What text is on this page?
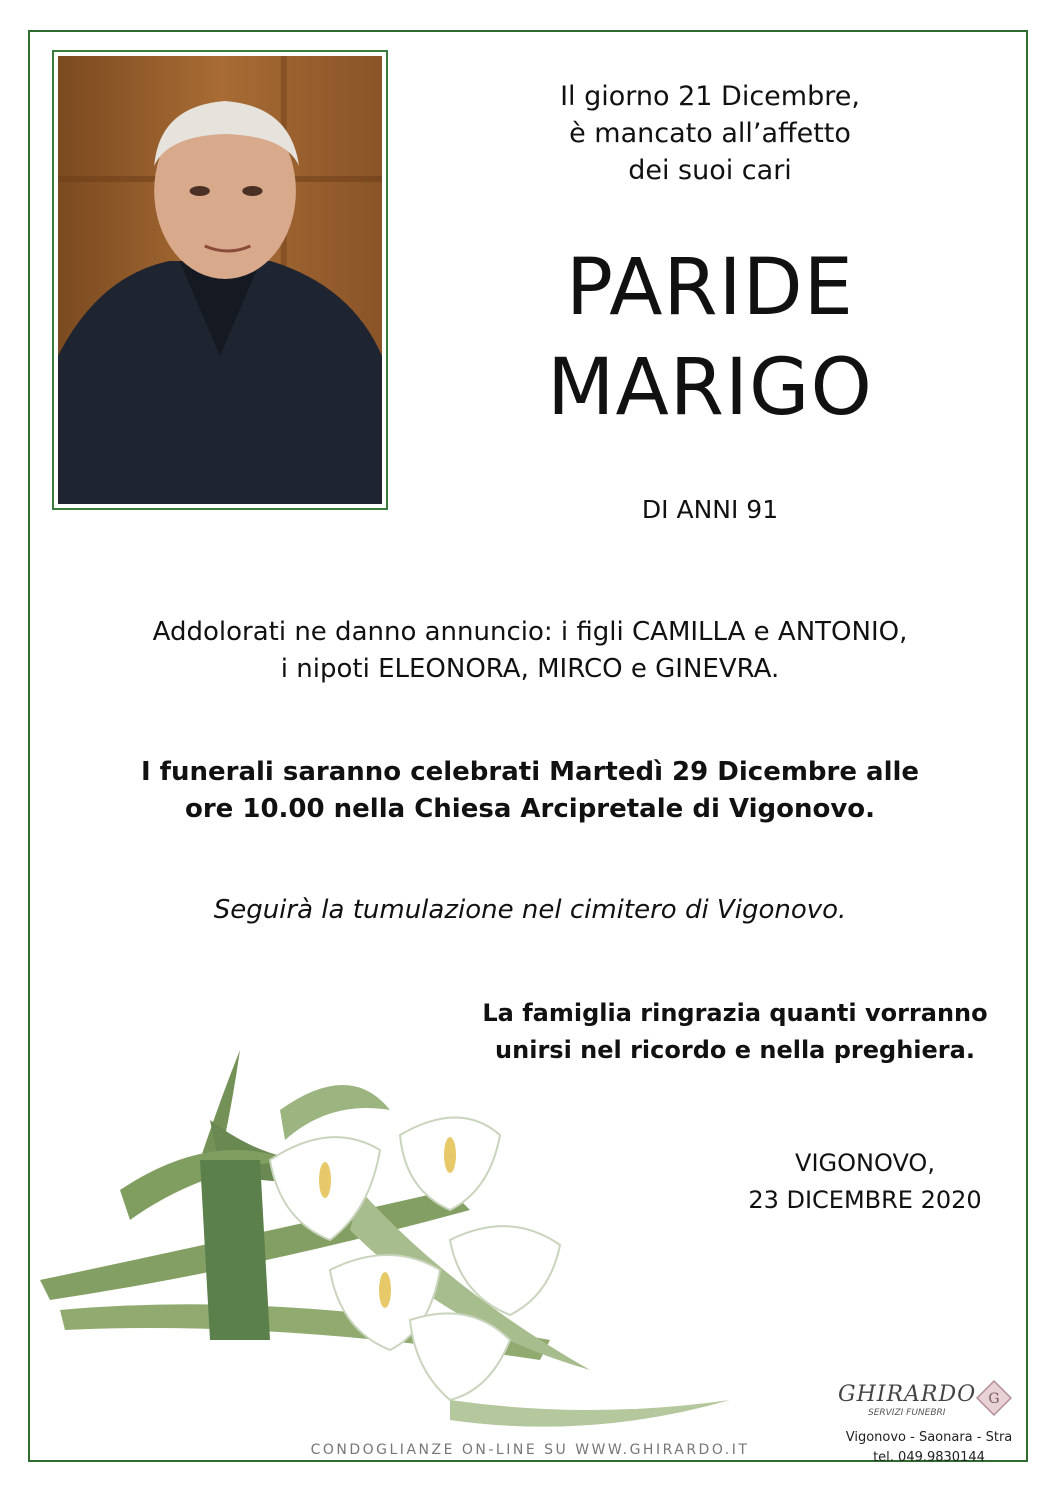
Il giorno 21 Dicembre,
è mancato all’affetto
dei suoi cari
PARIDE
MARIGO
DI ANNI 91
Addolorati ne danno annuncio: i figli CAMILLA e ANTONIO,
i nipoti ELEONORA, MIRCO e GINEVRA.
I funerali saranno celebrati Martedì 29 Dicembre alle
ore 10.00 nella Chiesa Arcipretale di Vigonovo.
Seguirà la tumulazione nel cimitero di Vigonovo.
La famiglia ringrazia quanti vorranno
unirsi nel ricordo e nella preghiera.
VIGONOVO,
23 DICEMBRE 2020
CONDOGLIANZE ON-LINE SU WWW.GHIRARDO.IT
GHIRARDO
SERVIZI FUNEBRI
G
Vigonovo - Saonara - Stra
tel. 049.9830144
